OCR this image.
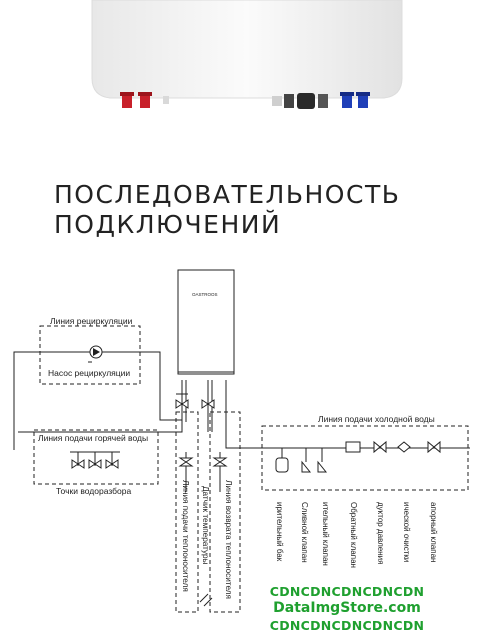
ПОСЛЕДОВАТЕЛЬНОСТЬ
ПОДКЛЮЧЕНИЙ
OASTROOS
Линия рециркуляции
Насос рециркуляции
Линия подачи горячей воды
Точки водоразбора
Линия подачи холодной воды
Линия подачи теплоносителя Датчик температуры Линия возврата теплоносителя	ирительный бак Сливной клапан ительный клапан Обратный клапан дуктор давления ической очистки апорный клапан
CDNCDNCDNCDNCDN
DataImgStore.com
CDNCDNCDNCDNCDN
